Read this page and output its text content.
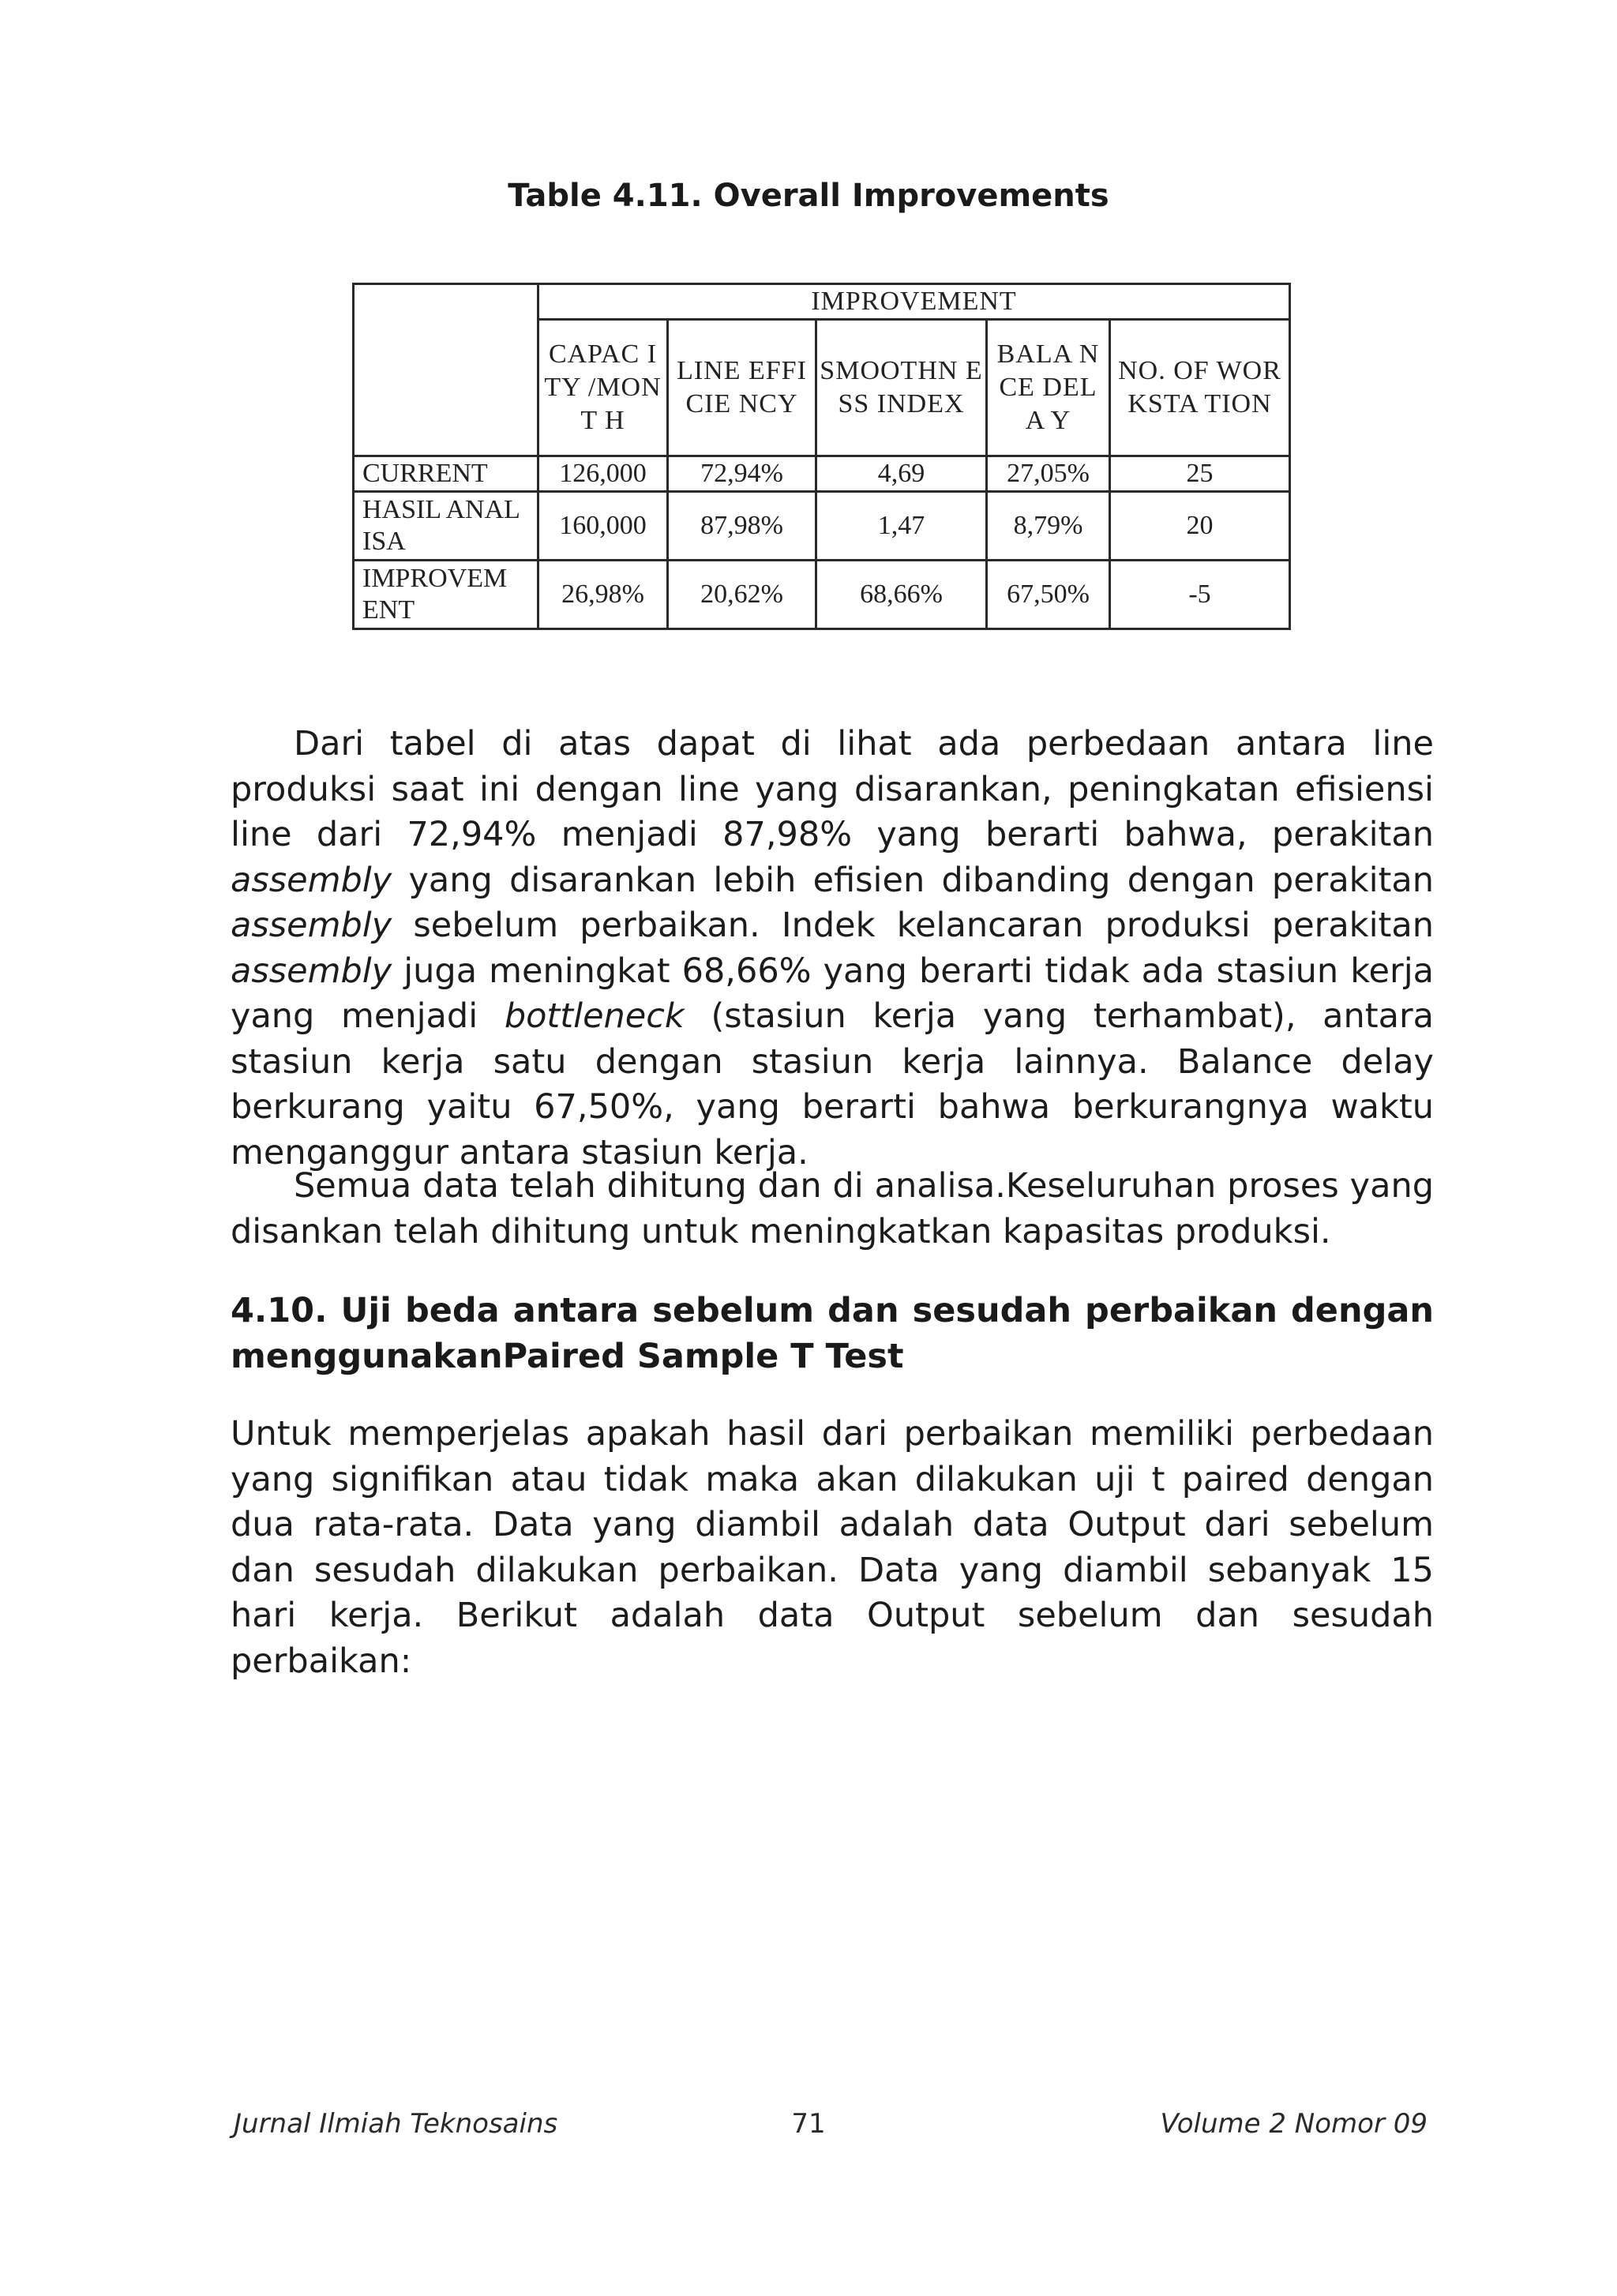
Table 4.11. Overall Improvements
	IMPROVEMENT				
	CAPAC ITY /MONT H	LINE EFFICIE NCY	SMOOTHN ESS INDEX	BALA NCE DELA Y	NO. OF WORKSTA TION
CURRENT	126,000	72,94%	4,69	27,05%	25
HASIL ANALISA	160,000	87,98%	1,47	8,79%	20
IMPROVEM ENT	26,98%	20,62%	68,66%	67,50%	-5
Dari tabel di atas dapat di lihat ada perbedaan antara line produksi saat ini dengan line yang disarankan, peningkatan efisiensi line dari 72,94% menjadi 87,98% yang berarti bahwa, perakitan assembly yang disarankan lebih efisien dibanding dengan perakitan assembly sebelum perbaikan. Indek kelancaran produksi perakitan assembly juga meningkat 68,66% yang berarti tidak ada stasiun kerja yang menjadi bottleneck (stasiun kerja yang terhambat), antara stasiun kerja satu dengan stasiun kerja lainnya. Balance delay berkurang yaitu 67,50%, yang berarti bahwa berkurangnya waktu menganggur antara stasiun kerja.
Semua data telah dihitung dan di analisa.Keseluruhan proses yang disankan telah dihitung untuk meningkatkan kapasitas produksi.
4.10. Uji beda antara sebelum dan sesudah perbaikan dengan
menggunakanPaired Sample T Test
Untuk memperjelas apakah hasil dari perbaikan memiliki perbedaan yang signifikan atau tidak maka akan dilakukan uji t paired dengan dua rata-rata. Data yang diambil adalah data Output dari sebelum dan sesudah dilakukan perbaikan. Data yang diambil sebanyak 15 hari kerja. Berikut adalah data Output sebelum dan sesudah perbaikan:
Jurnal Ilmiah Teknosains	71	Volume 2 Nomor 09
